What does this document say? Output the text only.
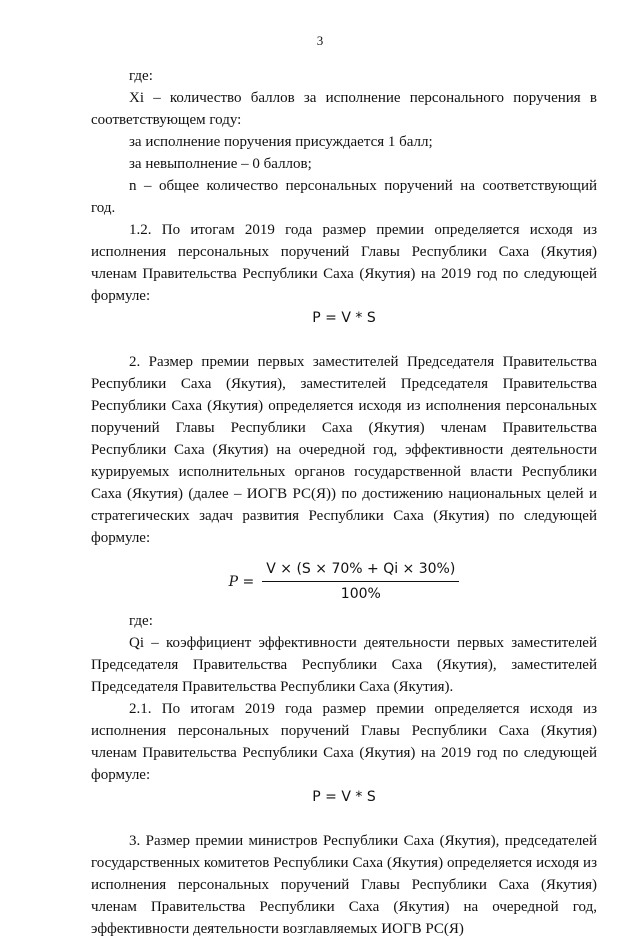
3

где:

Xi – количество баллов за исполнение персонального поручения в соответствующем году:

за исполнение поручения присуждается 1 балл;

за невыполнение – 0 баллов;

n – общее количество персональных поручений на соответствующий год.

1.2. По итогам 2019 года размер премии определяется исходя из исполнения персональных поручений Главы Республики Саха (Якутия) членам Правительства Республики Саха (Якутия) на 2019 год по следующей формуле:

P = V * S

2. Размер премии первых заместителей Председателя Правительства Республики Саха (Якутия), заместителей Председателя Правительства Республики Саха (Якутия) определяется исходя из исполнения персональных поручений Главы Республики Саха (Якутия) членам Правительства Республики Саха (Якутия) на очередной год, эффективности деятельности курируемых исполнительных органов государственной власти Республики Саха (Якутия) (далее – ИОГВ РС(Я)) по достижению национальных целей и стратегических задач развития Республики Саха (Якутия) по следующей формуле:

$P = \frac{V \times (S \times 70\% + Qi \times 30\%)}{100\%}$

где:

Qi – коэффициент эффективности деятельности первых заместителей Председателя Правительства Республики Саха (Якутия), заместителей Председателя Правительства Республики Саха (Якутия).

2.1. По итогам 2019 года размер премии определяется исходя из исполнения персональных поручений Главы Республики Саха (Якутия) членам Правительства Республики Саха (Якутия) на 2019 год по следующей формуле:

P = V * S

3. Размер премии министров Республики Саха (Якутия), председателей государственных комитетов Республики Саха (Якутия) определяется исходя из исполнения персональных поручений Главы Республики Саха (Якутия) членам Правительства Республики Саха (Якутия) на очередной год, эффективности деятельности возглавляемых ИОГВ РС(Я)
